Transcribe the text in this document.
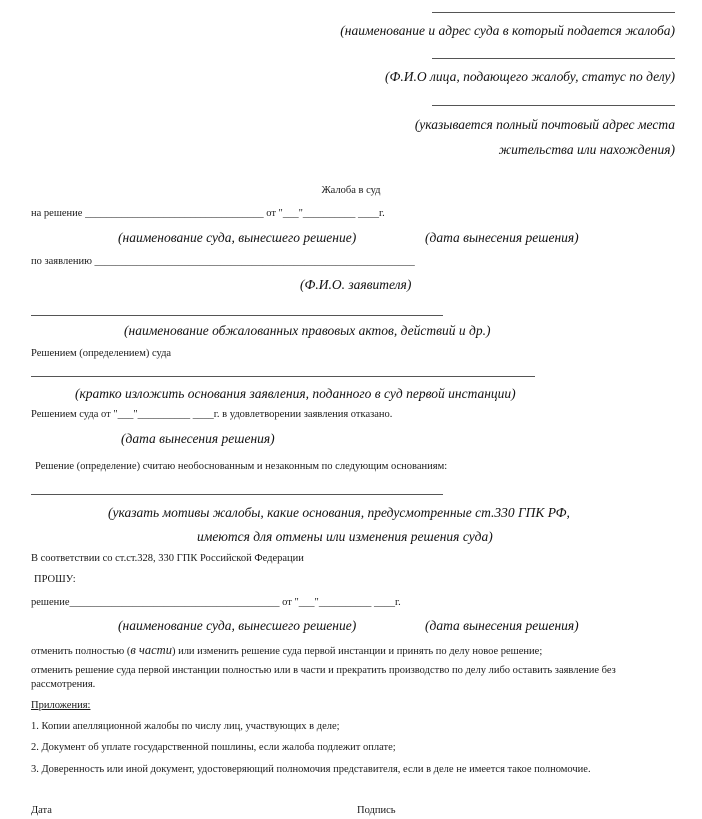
(наименование и адрес суда в который подается жалоба)
(Ф.И.О лица, подающего жалобу, статус по делу)
(указывается полный почтовый адрес места
жительства или нахождения)
Жалоба в суд
на решение __________________________________ от "___"__________ ____г.
(наименование суда, вынесшего решение)	(дата вынесения решения)
по заявлению _____________________________________________________________
(Ф.И.О. заявителя)
(наименование обжалованных правовых актов, действий и др.)
Решением (определением) суда
(кратко изложить основания заявления, поданного в суд первой инстанции)
Решением суда от "___"__________ ____г. в удовлетворении заявления отказано.
(дата вынесения решения)
Решение (определение) считаю необоснованным и незаконным по следующим основаниям:
(указать мотивы жалобы, какие основания, предусмотренные ст.330 ГПК РФ,
имеются для отмены или изменения решения суда)
В соответствии со ст.ст.328, 330 ГПК Российской Федерации
ПРОШУ:
решение________________________________________ от "___"__________ ____г.
(наименование суда, вынесшего решение)	(дата вынесения решения)
отменить полностью (в части) или изменить решение суда первой инстанции и принять по делу новое решение;
отменить решение суда первой инстанции полностью или в части и прекратить производство по делу либо оставить заявление без рассмотрения.
Приложения:
1. Копии апелляционной жалобы по числу лиц, участвующих в деле;
2. Документ об уплате государственной пошлины, если жалоба подлежит оплате;
3. Доверенность или иной документ, удостоверяющий полномочия представителя, если в деле не имеется такое полномочие.
Дата	Подпись
